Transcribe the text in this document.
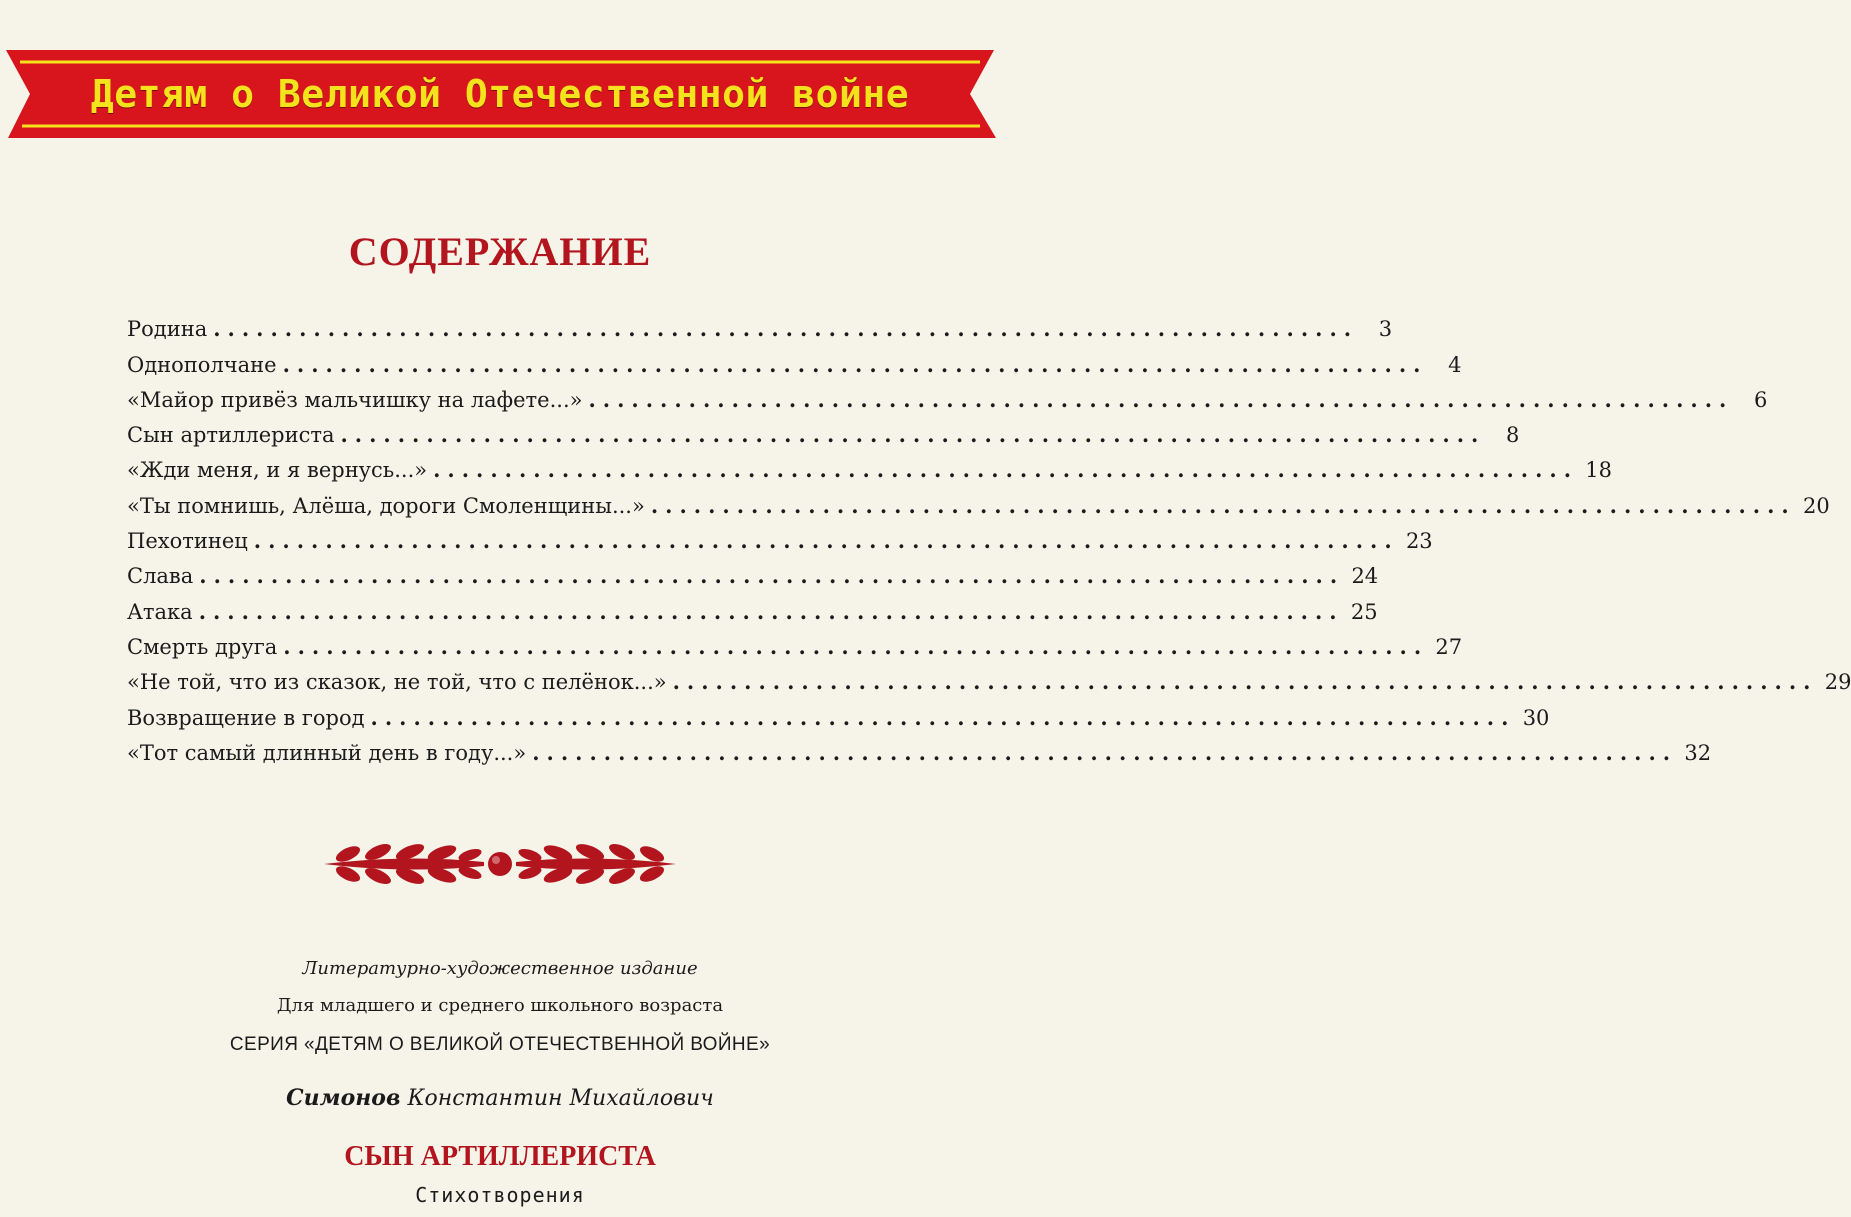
Детям о Великой Отечественной войне
СОДЕРЖАНИЕ
Родина ................................................................................ 3
Однополчане ................................................................................ 4
«Майор привёз мальчишку на лафете...» ................................................................................ 6
Сын артиллериста ................................................................................ 8
«Жди меня, и я вернусь...» ................................................................................ 18
«Ты помнишь, Алёша, дороги Смоленщины...» ................................................................................ 20
Пехотинец ................................................................................ 23
Слава ................................................................................ 24
Атака ................................................................................ 25
Смерть друга ................................................................................ 27
«Не той, что из сказок, не той, что с пелёнок...» ................................................................................ 29
Возвращение в город ................................................................................ 30
«Тот самый длинный день в году...» ................................................................................ 32
Литературно-художественное издание
Для младшего и среднего школьного возраста
СЕРИЯ «ДЕТЯМ О ВЕЛИКОЙ ОТЕЧЕСТВЕННОЙ ВОЙНЕ»
Симонов Константин Михайлович
СЫН АРТИЛЛЕРИСТА
Стихотворения
